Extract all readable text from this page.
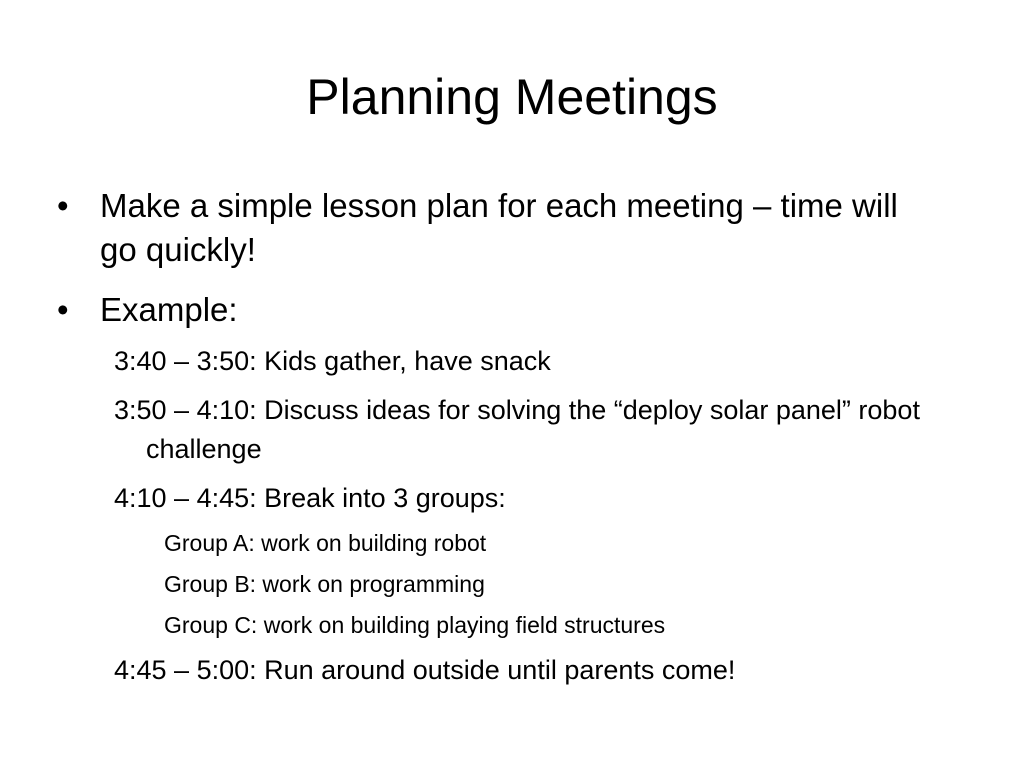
Planning Meetings
• Make a simple lesson plan for each meeting – time will go quickly!
• Example:
3:40 – 3:50: Kids gather, have snack
3:50 – 4:10: Discuss ideas for solving the “deploy solar panel” robot challenge
4:10 – 4:45: Break into 3 groups:
Group A: work on building robot
Group B: work on programming
Group C: work on building playing field structures
4:45 – 5:00: Run around outside until parents come!
